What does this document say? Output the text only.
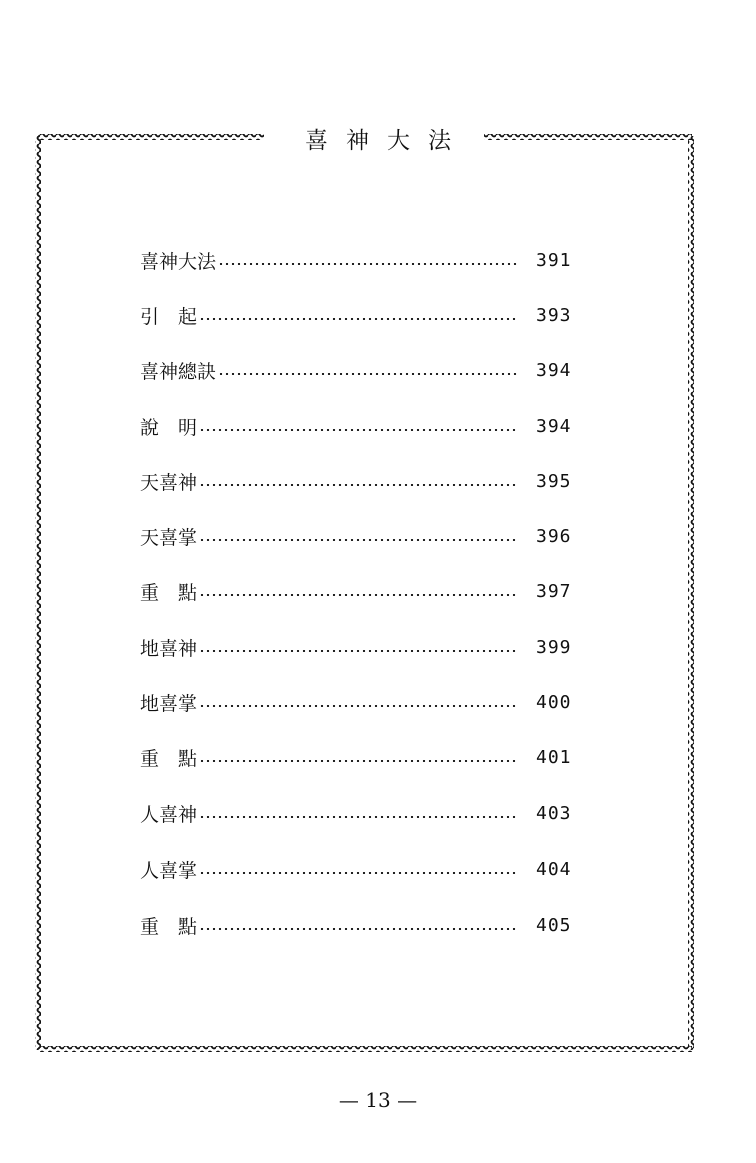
喜神大法
喜神大法	391
引　起	393
喜神總訣	394
說　明	394
天喜神	395
天喜掌	396
重　點	397
地喜神	399
地喜掌	400
重　點	401
人喜神	403
人喜掌	404
重　點	405
— 13 —
